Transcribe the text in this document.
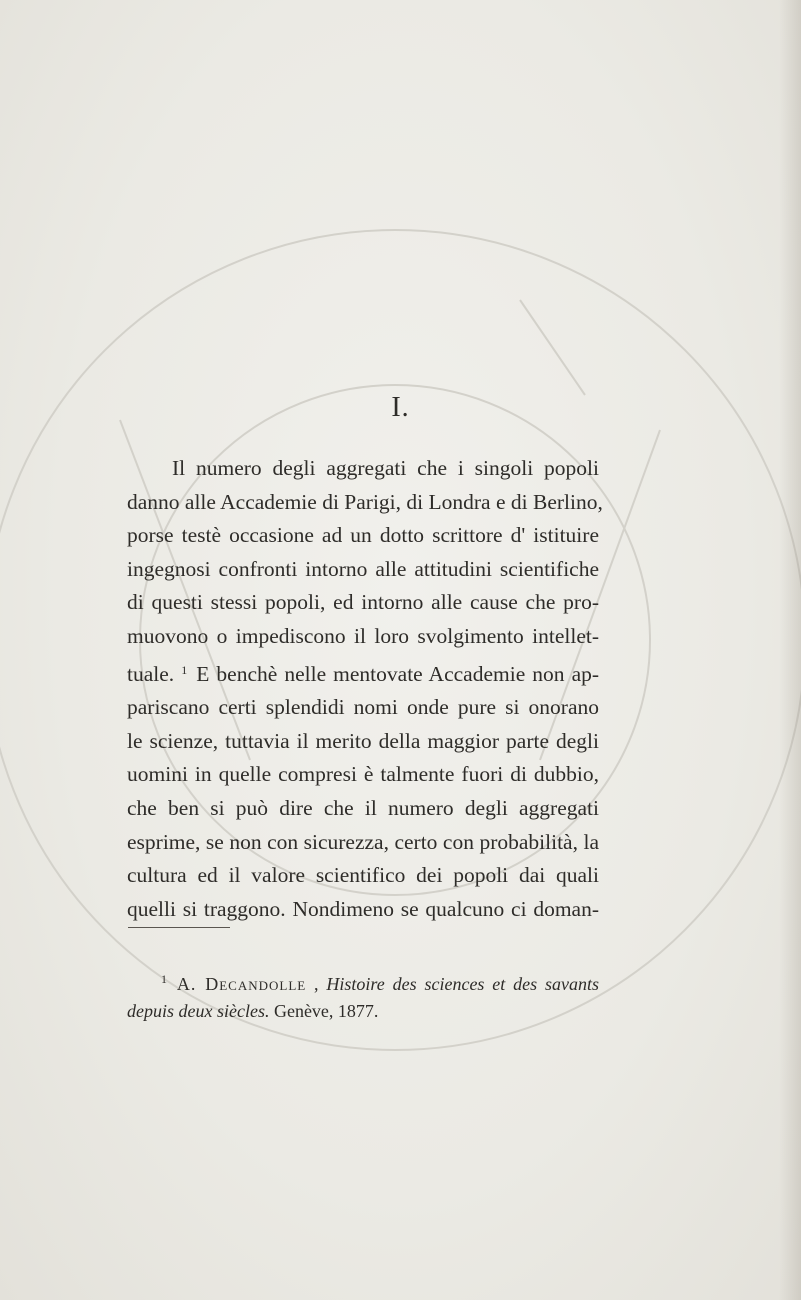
I.
Il numero degli aggregati che i singoli popoli
danno alle Accademie di Parigi, di Londra e di Berlino,
porse testè occasione ad un dotto scrittore d' istituire
ingegnosi confronti intorno alle attitudini scientifiche
di questi stessi popoli, ed intorno alle cause che pro-
muovono o impediscono il loro svolgimento intellet-
tuale. $^1$ E benchè nelle mentovate Accademie non ap-
pariscano certi splendidi nomi onde pure si onorano
le scienze, tuttavia il merito della maggior parte degli
uomini in quelle compresi è talmente fuori di dubbio,
che ben si può dire che il numero degli aggregati
esprime, se non con sicurezza, certo con probabilità, la
cultura ed il valore scientifico dei popoli dai quali
quelli si traggono. Nondimeno se qualcuno ci doman-
$^1$ A. Decandolle , Histoire des sciences et des savants
depuis deux siècles. Genève, 1877.
